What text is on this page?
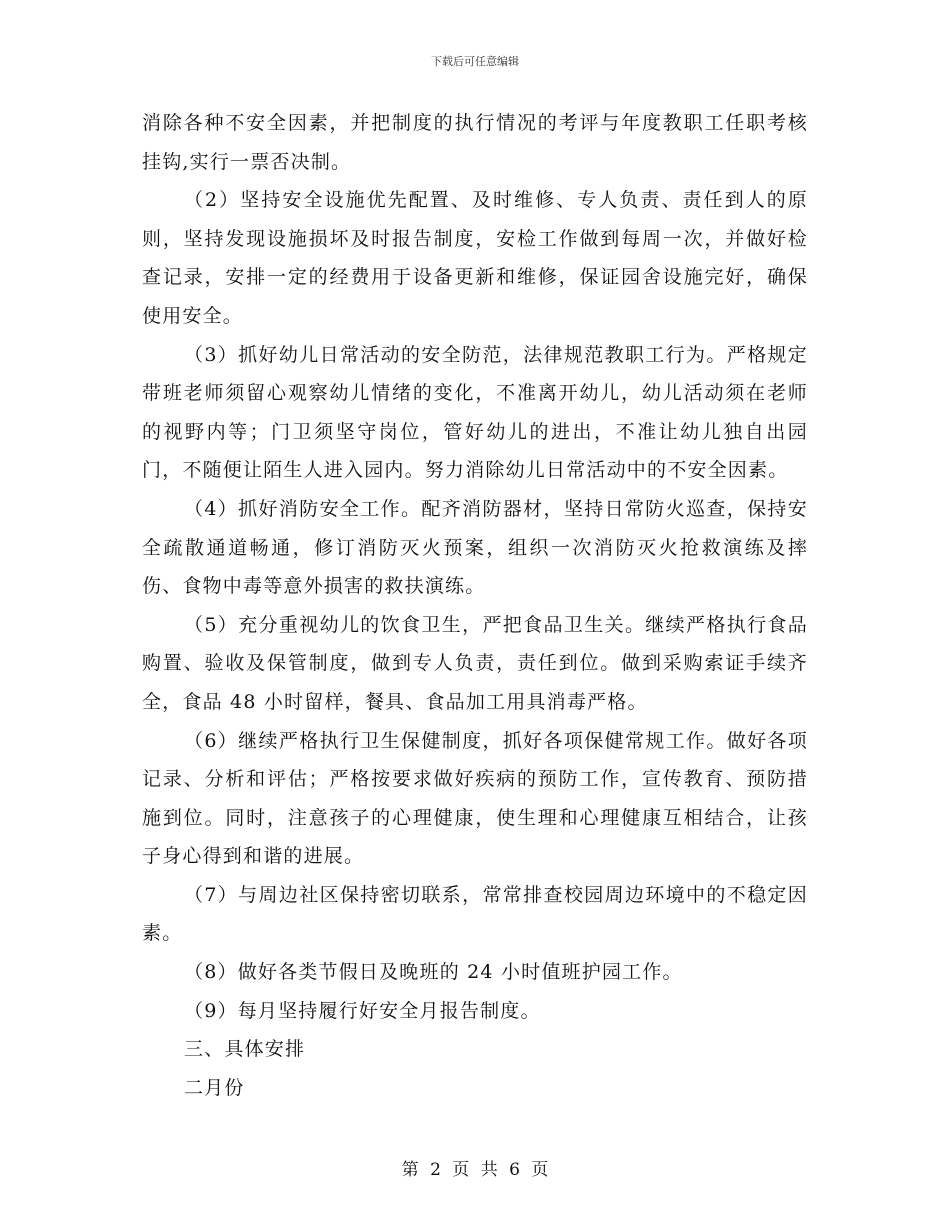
下载后可任意编辑

消除各种不安全因素，并把制度的执行情况的考评与年度教职工任职考核挂钩,实行一票否决制。

（2）坚持安全设施优先配置、及时维修、专人负责、责任到人的原则，坚持发现设施损坏及时报告制度，安检工作做到每周一次，并做好检查记录，安排一定的经费用于设备更新和维修，保证园舍设施完好，确保使用安全。

（3）抓好幼儿日常活动的安全防范，法律规范教职工行为。严格规定带班老师须留心观察幼儿情绪的变化，不准离开幼儿，幼儿活动须在老师的视野内等；门卫须坚守岗位，管好幼儿的进出，不准让幼儿独自出园门，不随便让陌生人进入园内。努力消除幼儿日常活动中的不安全因素。

（4）抓好消防安全工作。配齐消防器材，坚持日常防火巡查，保持安全疏散通道畅通，修订消防灭火预案，组织一次消防灭火抢救演练及摔伤、食物中毒等意外损害的救扶演练。

（5）充分重视幼儿的饮食卫生，严把食品卫生关。继续严格执行食品购置、验收及保管制度，做到专人负责，责任到位。做到采购索证手续齐全，食品 48 小时留样，餐具、食品加工用具消毒严格。

（6）继续严格执行卫生保健制度，抓好各项保健常规工作。做好各项记录、分析和评估；严格按要求做好疾病的预防工作，宣传教育、预防措施到位。同时，注意孩子的心理健康，使生理和心理健康互相结合，让孩子身心得到和谐的进展。

（7）与周边社区保持密切联系，常常排查校园周边环境中的不稳定因素。

（8）做好各类节假日及晚班的 24 小时值班护园工作。

（9）每月坚持履行好安全月报告制度。

三、具体安排

二月份

第 2 页 共 6 页
